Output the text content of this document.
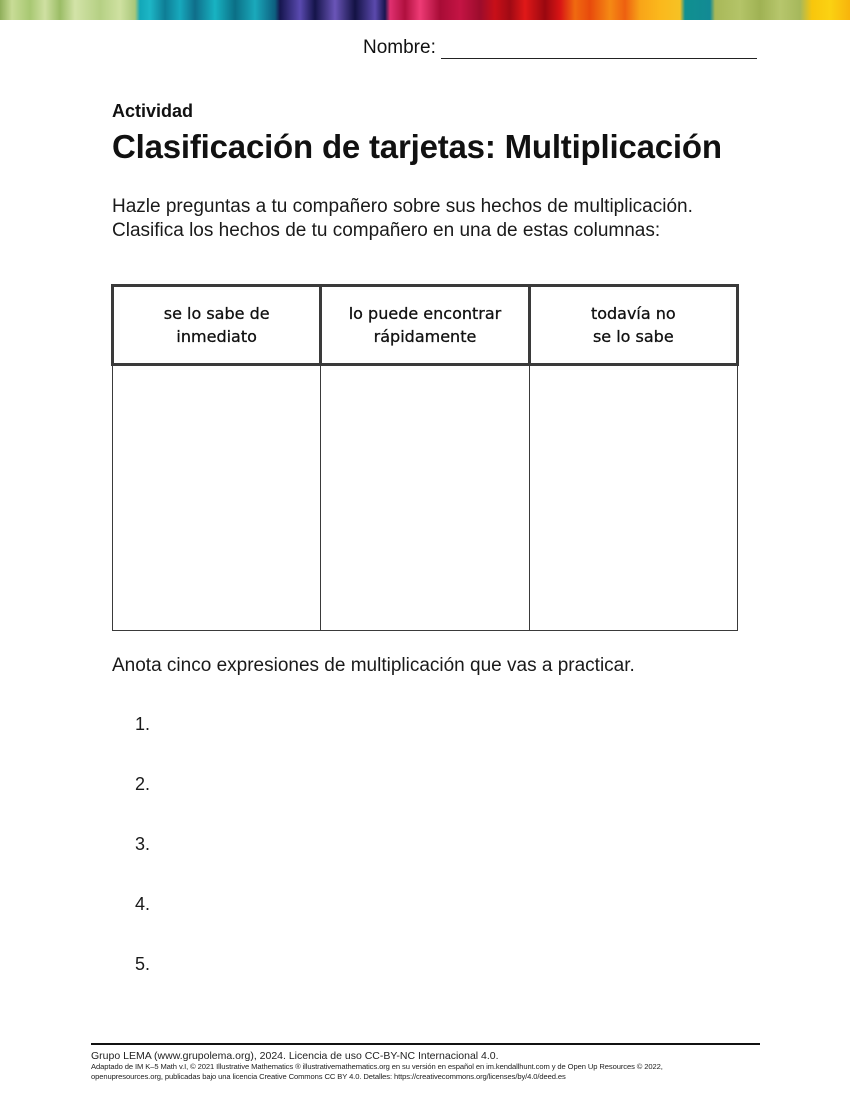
Nombre:
Actividad
Clasificación de tarjetas: Multiplicación
Hazle preguntas a tu compañero sobre sus hechos de multiplicación.
Clasifica los hechos de tu compañero en una de estas columnas:
se lo sabe de
inmediato

lo puede encontrar
rápidamente

todavía no
se lo sabe

Anota cinco expresiones de multiplicación que vas a practicar.
1.
2.
3.
4.
5.
Grupo LEMA (www.grupolema.org), 2024. Licencia de uso CC-BY-NC Internacional 4.0.
Adaptado de IM K–5 Math v.I, © 2021 Illustrative Mathematics ® illustrativemathematics.org en su versión en español en im.kendallhunt.com y de Open Up Resources © 2022,
openupresources.org, publicadas bajo una licencia Creative Commons CC BY 4.0. Detalles: https://creativecommons.org/licenses/by/4.0/deed.es
